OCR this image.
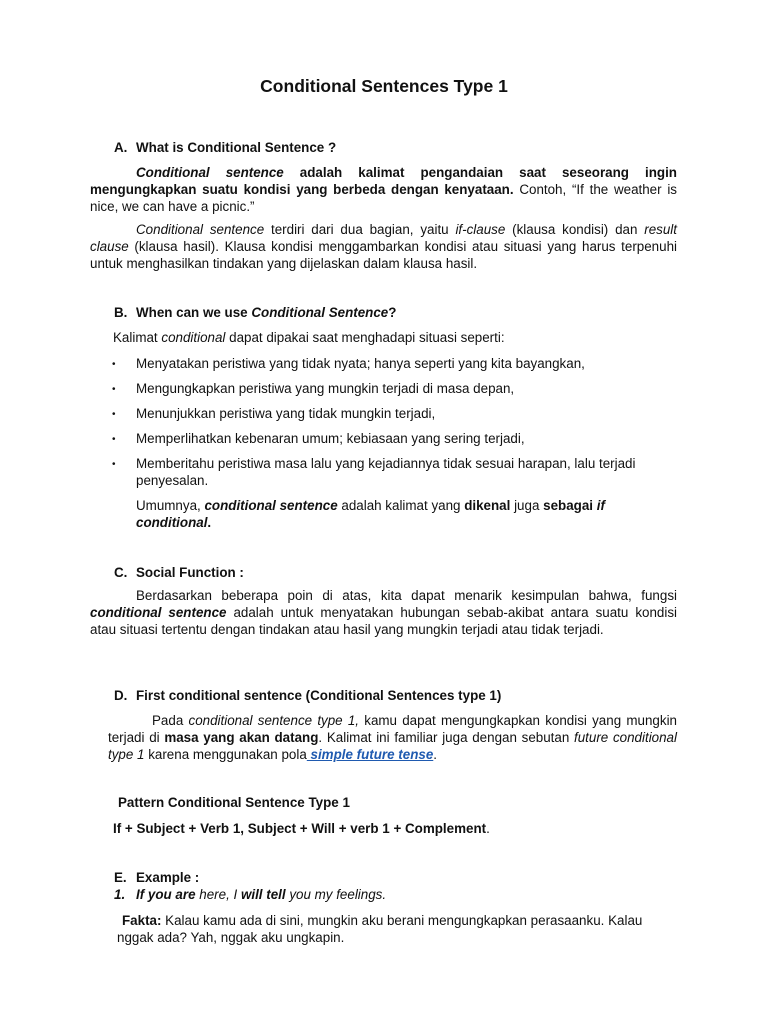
Conditional Sentences Type 1
A. What is Conditional Sentence ?

Conditional sentence adalah kalimat pengandaian saat seseorang ingin mengungkapkan suatu kondisi yang berbeda dengan kenyataan. Contoh, “If the weather is nice, we can have a picnic.”

Conditional sentence terdiri dari dua bagian, yaitu if-clause (klausa kondisi) dan result clause (klausa hasil). Klausa kondisi menggambarkan kondisi atau situasi yang harus terpenuhi untuk menghasilkan tindakan yang dijelaskan dalam klausa hasil.

B. When can we use Conditional Sentence?

Kalimat conditional dapat dipakai saat menghadapi situasi seperti:

• Menyatakan peristiwa yang tidak nyata; hanya seperti yang kita bayangkan,

• Mengungkapkan peristiwa yang mungkin terjadi di masa depan,

• Menunjukkan peristiwa yang tidak mungkin terjadi,

• Memperlihatkan kebenaran umum; kebiasaan yang sering terjadi,

• Memberitahu peristiwa masa lalu yang kejadiannya tidak sesuai harapan, lalu terjadi penyesalan.

Umumnya, conditional sentence adalah kalimat yang dikenal juga sebagai if conditional.

C. Social Function :

Berdasarkan beberapa poin di atas, kita dapat menarik kesimpulan bahwa, fungsi conditional sentence adalah untuk menyatakan hubungan sebab-akibat antara suatu kondisi atau situasi tertentu dengan tindakan atau hasil yang mungkin terjadi atau tidak terjadi.

D. First conditional sentence (Conditional Sentences type 1)

Pada conditional sentence type 1, kamu dapat mengungkapkan kondisi yang mungkin terjadi di masa yang akan datang. Kalimat ini familiar juga dengan sebutan future conditional type 1 karena menggunakan pola simple future tense.

Pattern Conditional Sentence Type 1
If + Subject + Verb 1, Subject + Will + verb 1 + Complement.
E. Example :
1. If you are here, I will tell you my feelings.

Fakta: Kalau kamu ada di sini, mungkin aku berani mengungkapkan perasaanku. Kalau nggak ada? Yah, nggak aku ungkapin.
